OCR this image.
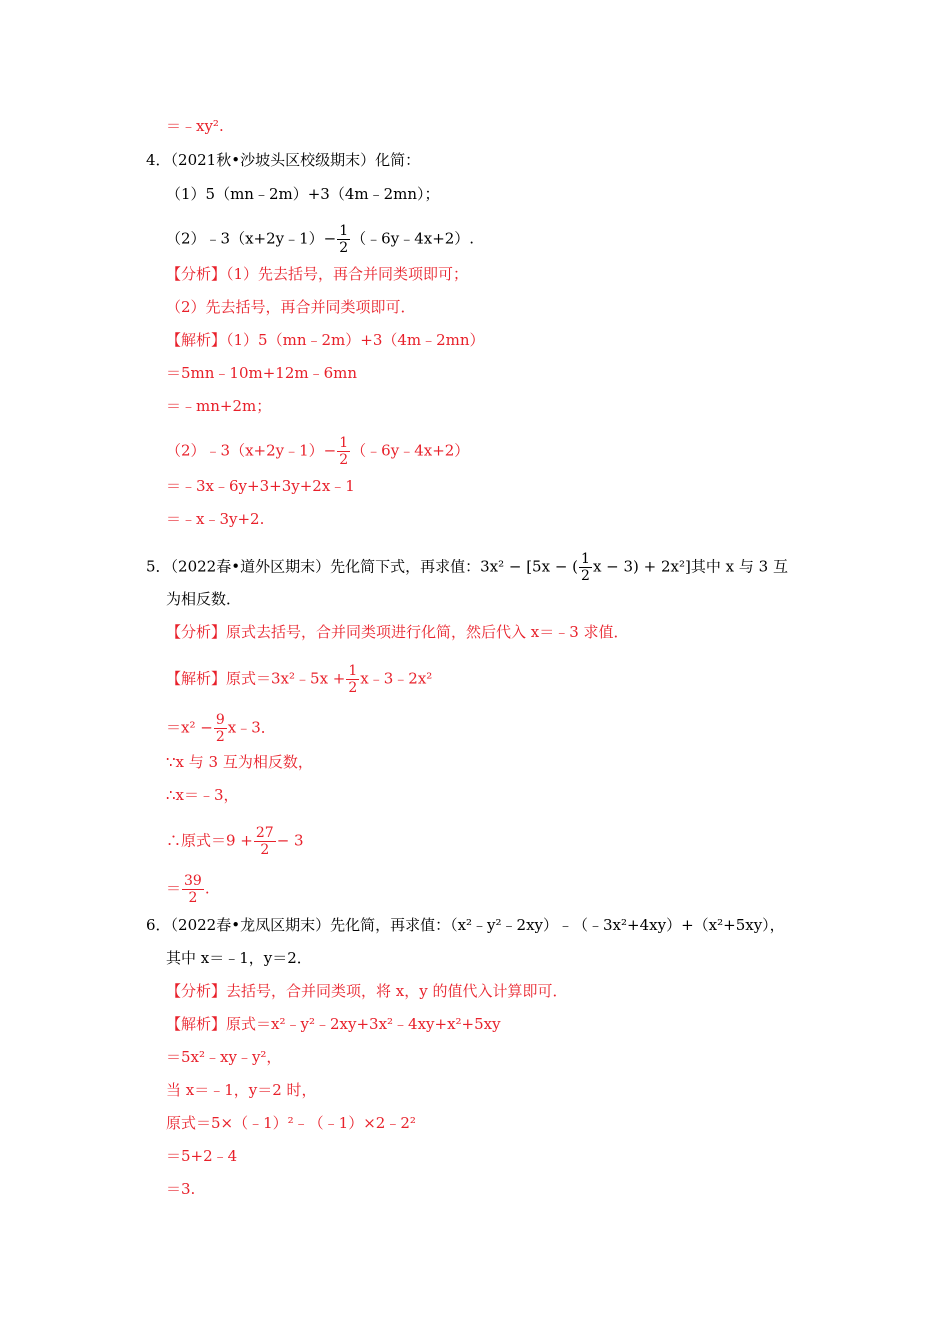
＝﹣xy².
4．（2021秋•沙坡头区校级期末）化简：
（1）5（mn﹣2m）+3（4m﹣2mn）；
（2）﹣3（x+2y﹣1）− $\frac{1}{2}$ （﹣6y﹣4x+2）.
【分析】（1）先去括号，再合并同类项即可；
（2）先去括号，再合并同类项即可．
【解析】（1）5（mn﹣2m）+3（4m﹣2mn）
＝5mn﹣10m+12m﹣6mn
＝﹣mn+2m；
（2）﹣3（x+2y﹣1）− $\frac{1}{2}$ （﹣6y﹣4x+2）
＝﹣3x﹣6y+3+3y+2x﹣1
＝﹣x﹣3y+2.
5．（2022春•道外区期末）先化简下式，再求值：3x² − [5x − ( $\frac{1}{2}$ x − 3) + 2x²]其中 x 与 3 互
为相反数．
【分析】原式去括号，合并同类项进行化简，然后代入 x＝﹣3 求值．
【解析】原式＝3x²﹣5x + $\frac{1}{2}$ x﹣3﹣2x²
$=x^2 - \frac{9}{2}$ x﹣3．
∵x 与 3 互为相反数，
∴x＝﹣3，
∴原式$=9 + \frac{27}{2} - 3$
＝ $\frac{39}{2}$ .
6．（2022春•龙凤区期末）先化简，再求值：（x²﹣y²﹣2xy）﹣（﹣3x²+4xy）+（x²+5xy），
其中 x＝﹣1，y＝2．
【分析】去括号，合并同类项，将 x，y 的值代入计算即可．
【解析】原式＝x²﹣y²﹣2xy+3x²﹣4xy+x²+5xy
＝5x²﹣xy﹣y²，
当 x＝﹣1，y＝2 时，
原式＝5×（﹣1）²﹣（﹣1）×2﹣2²
＝5+2﹣4
＝3.
